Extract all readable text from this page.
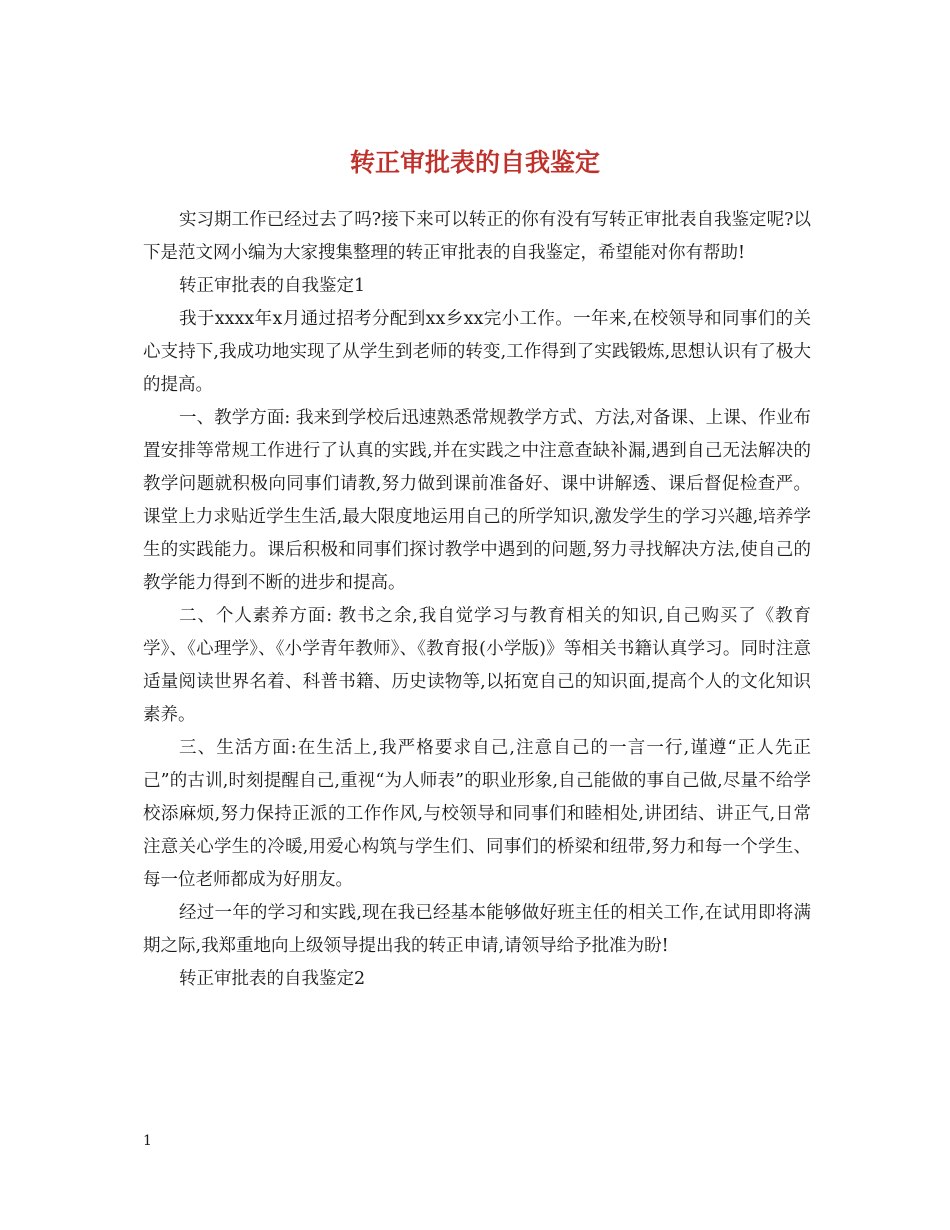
转正审批表的自我鉴定

实习期工作已经过去了吗?接下来可以转正的你有没有写转正审批表自我鉴定呢?以下是范文网小编为大家搜集整理的转正审批表的自我鉴定，希望能对你有帮助!

转正审批表的自我鉴定1

我于xxxx年x月通过招考分配到xx乡xx完小工作。一年来,在校领导和同事们的关心支持下,我成功地实现了从学生到老师的转变,工作得到了实践锻炼,思想认识有了极大的提高。

一、教学方面: 我来到学校后迅速熟悉常规教学方式、方法,对备课、上课、作业布置安排等常规工作进行了认真的实践,并在实践之中注意查缺补漏,遇到自己无法解决的教学问题就积极向同事们请教,努力做到课前准备好、课中讲解透、课后督促检查严。课堂上力求贴近学生生活,最大限度地运用自己的所学知识,激发学生的学习兴趣,培养学生的实践能力。课后积极和同事们探讨教学中遇到的问题,努力寻找解决方法,使自己的教学能力得到不断的进步和提高。

二、个人素养方面: 教书之余,我自觉学习与教育相关的知识,自己购买了《教育学》、《心理学》、《小学青年教师》、《教育报(小学版)》等相关书籍认真学习。同时注意适量阅读世界名着、科普书籍、历史读物等,以拓宽自己的知识面,提高个人的文化知识素养。

三、生活方面:在生活上,我严格要求自己,注意自己的一言一行,谨遵“正人先正己”的古训,时刻提醒自己,重视“为人师表”的职业形象,自己能做的事自己做,尽量不给学校添麻烦,努力保持正派的工作作风,与校领导和同事们和睦相处,讲团结、讲正气,日常注意关心学生的冷暖,用爱心构筑与学生们、同事们的桥梁和纽带,努力和每一个学生、每一位老师都成为好朋友。

经过一年的学习和实践,现在我已经基本能够做好班主任的相关工作,在试用即将满期之际,我郑重地向上级领导提出我的转正申请,请领导给予批准为盼!

转正审批表的自我鉴定2

1
